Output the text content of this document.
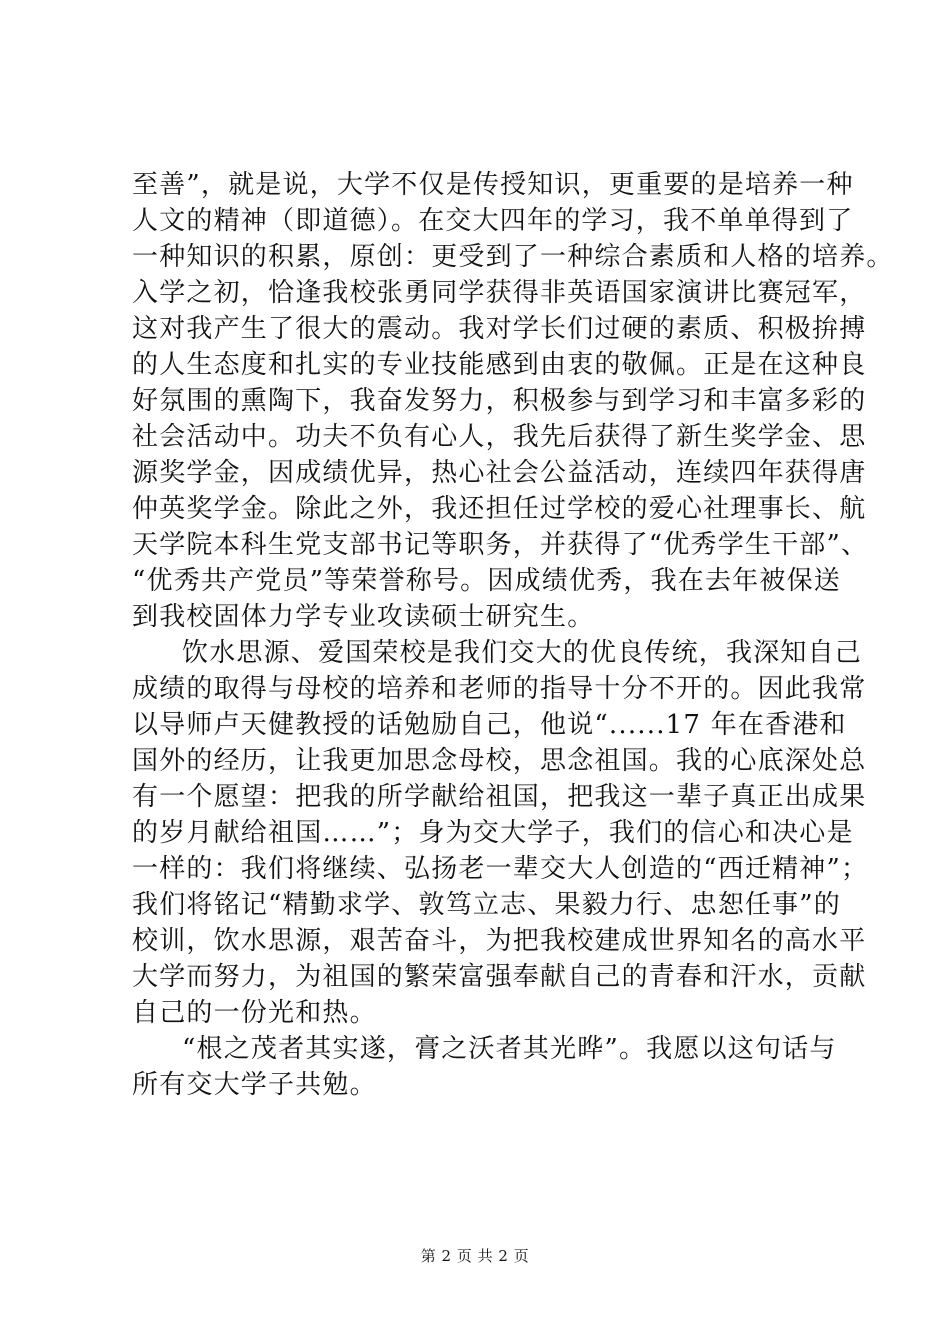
至善”，就是说，大学不仅是传授知识，更重要的是培养一种
人文的精神（即道德）。在交大四年的学习，我不单单得到了
一种知识的积累，原创：更受到了一种综合素质和人格的培养。
入学之初，恰逢我校张勇同学获得非英语国家演讲比赛冠军，
这对我产生了很大的震动。我对学长们过硬的素质、积极拚搏
的人生态度和扎实的专业技能感到由衷的敬佩。正是在这种良
好氛围的熏陶下，我奋发努力，积极参与到学习和丰富多彩的
社会活动中。功夫不负有心人，我先后获得了新生奖学金、思
源奖学金，因成绩优异，热心社会公益活动，连续四年获得唐
仲英奖学金。除此之外，我还担任过学校的爱心社理事长、航
天学院本科生党支部书记等职务，并获得了“优秀学生干部”、
“优秀共产党员”等荣誉称号。因成绩优秀，我在去年被保送
到我校固体力学专业攻读硕士研究生。
饮水思源、爱国荣校是我们交大的优良传统，我深知自己
成绩的取得与母校的培养和老师的指导十分不开的。因此我常
以导师卢天健教授的话勉励自己，他说“......17 年在香港和
国外的经历，让我更加思念母校，思念祖国。我的心底深处总
有一个愿望：把我的所学献给祖国，把我这一辈子真正出成果
的岁月献给祖国……”；身为交大学子，我们的信心和决心是
一样的：我们将继续、弘扬老一辈交大人创造的“西迁精神”；
我们将铭记“精勤求学、敦笃立志、果毅力行、忠恕任事”的
校训，饮水思源，艰苦奋斗，为把我校建成世界知名的高水平
大学而努力，为祖国的繁荣富强奉献自己的青春和汗水，贡献
自己的一份光和热。
“根之茂者其实遂，膏之沃者其光晔”。我愿以这句话与
所有交大学子共勉。
第 2 页 共 2 页
